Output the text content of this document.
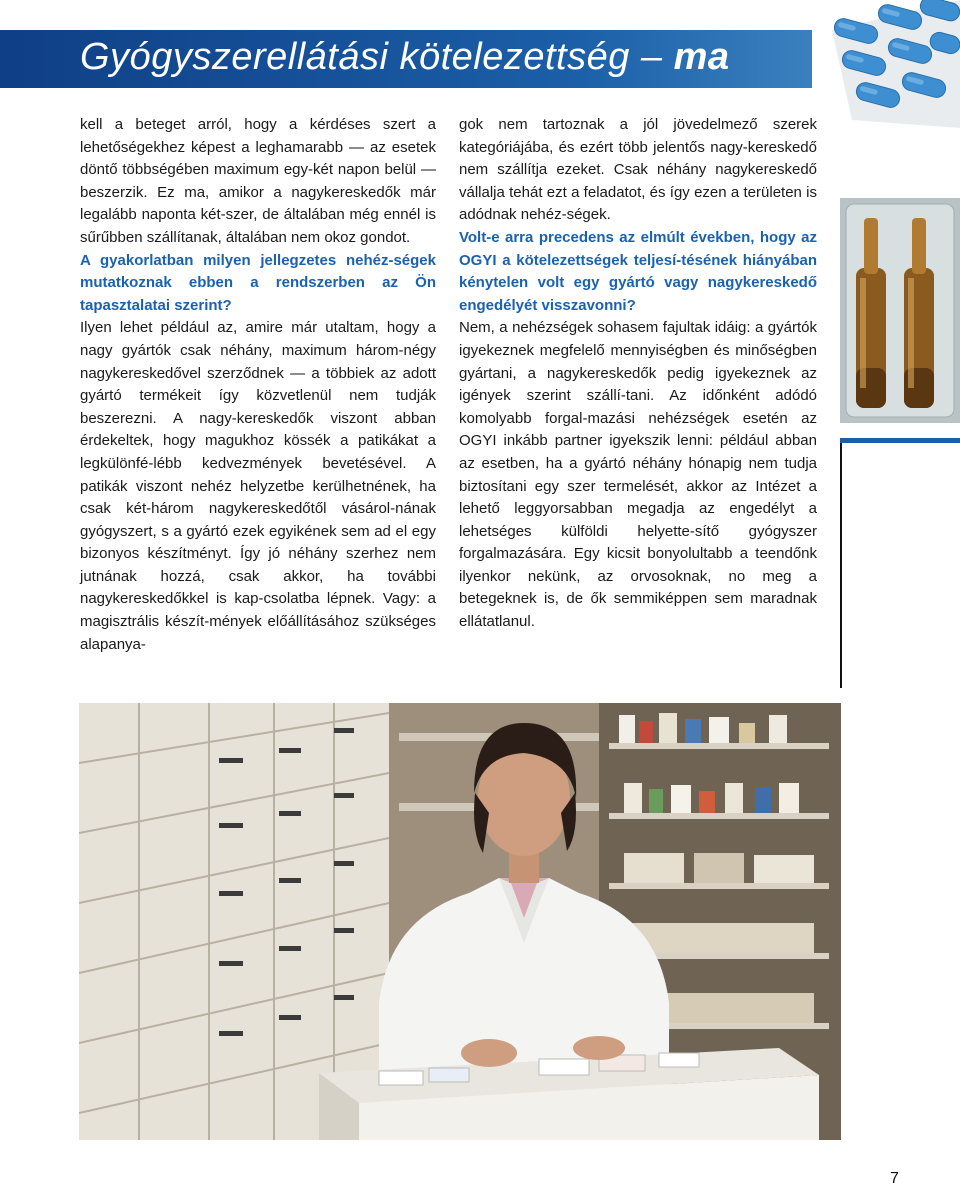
Gyógyszerellátási kötelezettség – ma

kell a beteget arról, hogy a kérdéses szert a lehetőségekhez képest a leghamarabb — az esetek döntő többségében maximum egy-két napon belül — beszerzik. Ez ma, amikor a nagykereskedők már legalább naponta két-szer, de általában még ennél is sűrűbben szállítanak, általában nem okoz gondot.

A gyakorlatban milyen jellegzetes nehéz-ségek mutatkoznak ebben a rendszerben az Ön tapasztalatai szerint?

Ilyen lehet például az, amire már utaltam, hogy a nagy gyártók csak néhány, maximum három-négy nagykereskedővel szerződnek — a többiek az adott gyártó termékeit így közvetlenül nem tudják beszerezni. A nagy-kereskedők viszont abban érdekeltek, hogy magukhoz kössék a patikákat a legkülönfé-lébb kedvezmények bevetésével. A patikák viszont nehéz helyzetbe kerülhetnének, ha csak két-három nagykereskedőtől vásárol-nának gyógyszert, s a gyártó ezek egyikének sem ad el egy bizonyos készítményt. Így jó néhány szerhez nem jutnának hozzá, csak akkor, ha további nagykereskedőkkel is kap-csolatba lépnek. Vagy: a magisztrális készít-mények előállításához szükséges alapanya-

gok nem tartoznak a jól jövedelmező szerek kategóriájába, és ezért több jelentős nagy-kereskedő nem szállítja ezeket. Csak néhány nagykereskedő vállalja tehát ezt a feladatot, és így ezen a területen is adódnak nehéz-ségek.

Volt-e arra precedens az elmúlt években, hogy az OGYI a kötelezettségek teljesí-tésének hiányában kénytelen volt egy gyártó vagy nagykereskedő engedélyét visszavonni?

Nem, a nehézségek sohasem fajultak idáig: a gyártók igyekeznek megfelelő mennyiségben és minőségben gyártani, a nagykereskedők pedig igyekeznek az igények szerint szállí-tani. Az időnként adódó komolyabb forgal-mazási nehézségek esetén az OGYI inkább partner igyekszik lenni: például abban az esetben, ha a gyártó néhány hónapig nem tudja biztosítani egy szer termelését, akkor az Intézet a lehető leggyorsabban megadja az engedélyt a lehetséges külföldi helyette-sítő gyógyszer forgalmazására. Egy kicsit bonyolultabb a teendőnk ilyenkor nekünk, az orvosoknak, no meg a betegeknek is, de ők semmiképpen sem maradnak ellátatlanul.

7
